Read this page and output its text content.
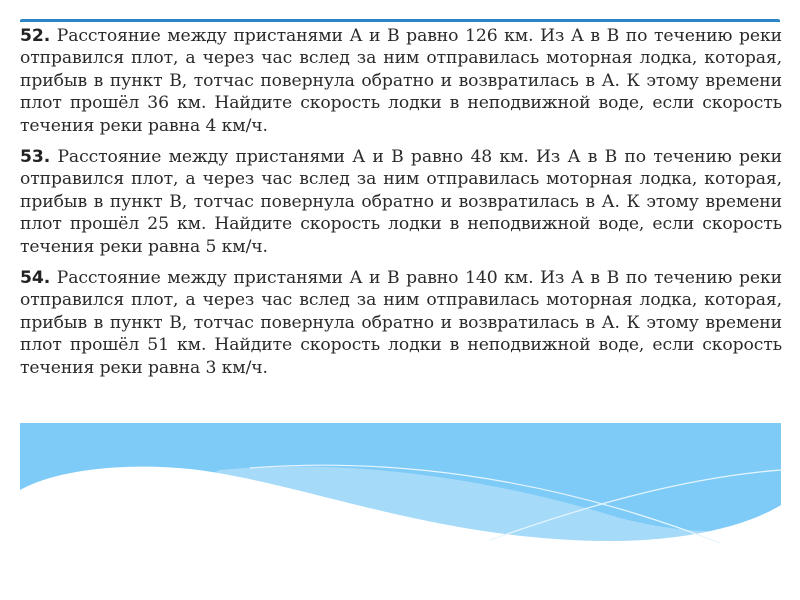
52. Расстояние между пристанями А и В равно 126 км. Из А в В по течению реки отправился плот, а через час вслед за ним отправилась моторная лодка, которая, прибыв в пункт В, тотчас повернула обратно и возвратилась в А. К этому времени плот прошёл 36 км. Найдите скорость лодки в неподвижной воде, если скорость течения реки равна 4 км/ч.

53. Расстояние между пристанями А и В равно 48 км. Из А в В по течению реки отправился плот, а через час вслед за ним отправилась моторная лодка, которая, прибыв в пункт В, тотчас повернула обратно и возвратилась в А. К этому времени плот прошёл 25 км. Найдите скорость лодки в неподвижной воде, если скорость течения реки равна 5 км/ч.

54. Расстояние между пристанями А и В равно 140 км. Из А в В по течению реки отправился плот, а через час вслед за ним отправилась моторная лодка, которая, прибыв в пункт В, тотчас повернула обратно и возвратилась в А. К этому времени плот прошёл 51 км. Найдите скорость лодки в неподвижной воде, если скорость течения реки равна 3 км/ч.
